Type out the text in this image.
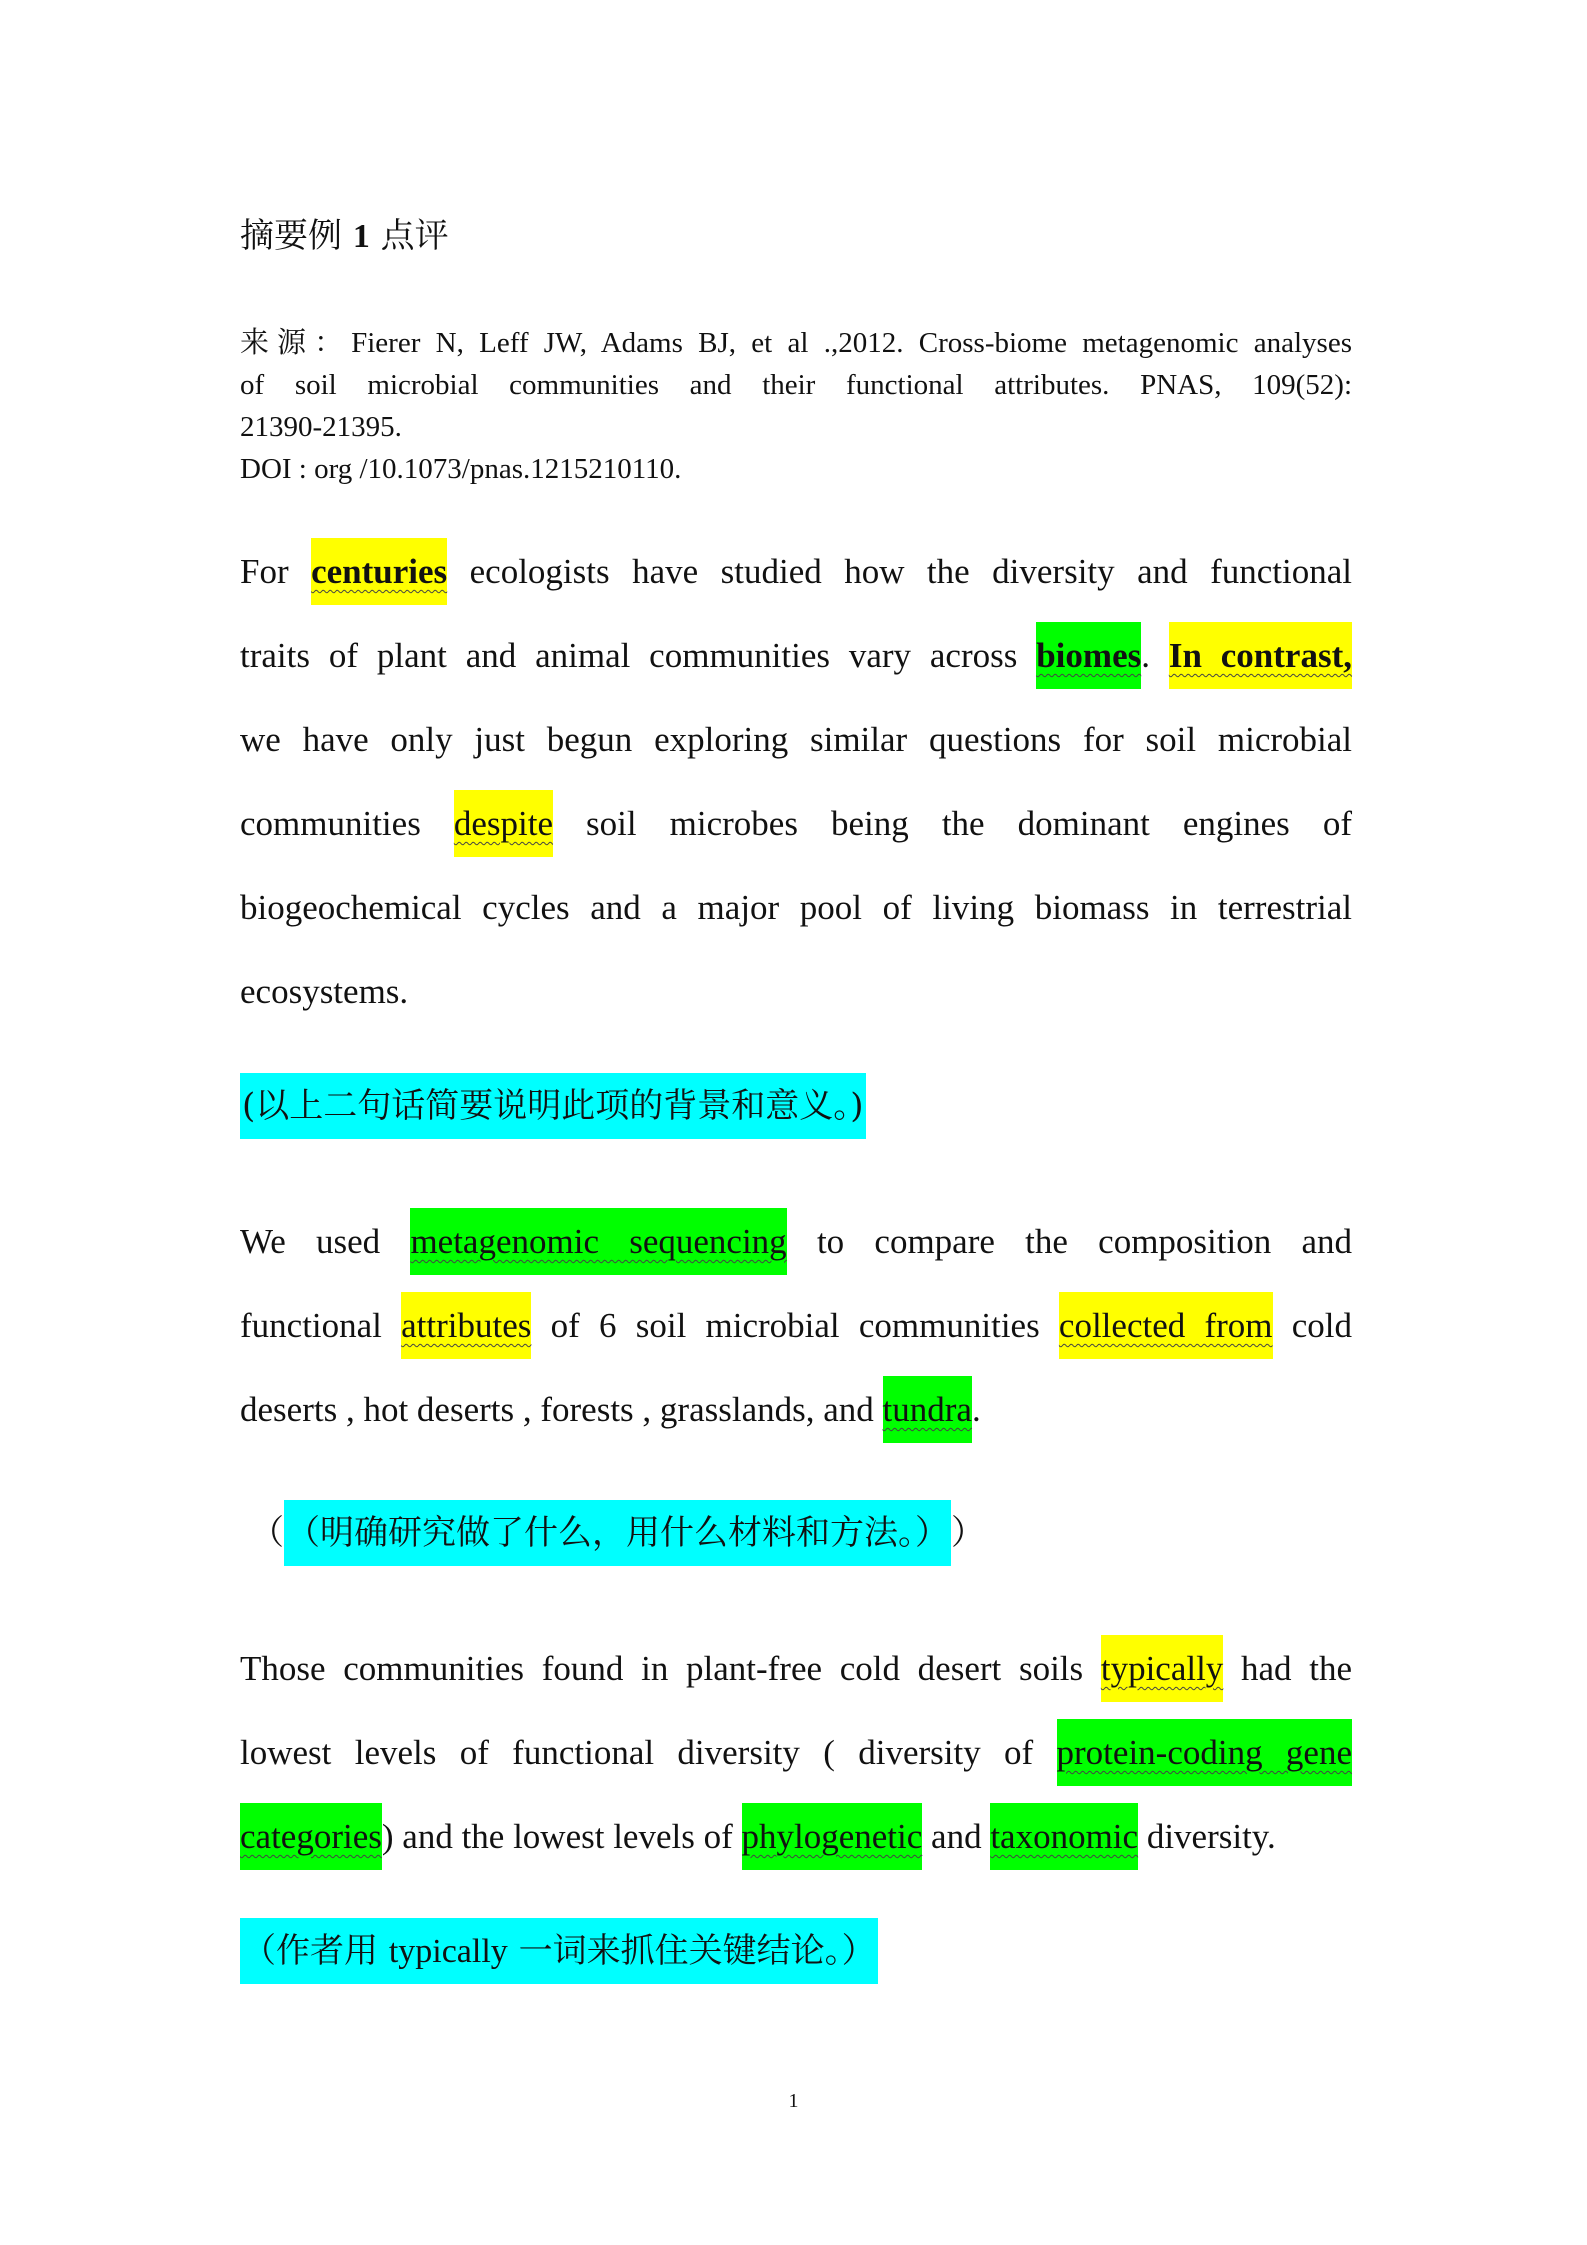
摘要例 1 点评
来源：Fierer N, Leff JW, Adams BJ, et al .,2012. Cross-biome metagenomic analyses
of soil microbial communities and their functional attributes. PNAS, 109(52):
21390-21395.
DOI : org /10.1073/pnas.1215210110.
For centuries ecologists have studied how the diversity and functional
traits of plant and animal communities vary across biomes. In contrast,
we have only just begun exploring similar questions for soil microbial
communities despite soil microbes being the dominant engines of
biogeochemical cycles and a major pool of living biomass in terrestrial
ecosystems.
(以上二句话简要说明此项的背景和意义。)
We used metagenomic sequencing to compare the composition and
functional attributes of 6 soil microbial communities collected from cold
deserts , hot deserts , forests , grasslands, and tundra.
（（明确研究做了什么，用什么材料和方法。））
Those communities found in plant-free cold desert soils typically had the
lowest levels of functional diversity ( diversity of protein-coding gene
categories) and the lowest levels of phylogenetic and taxonomic diversity.
（作者用 typically 一词来抓住关键结论。）
1
